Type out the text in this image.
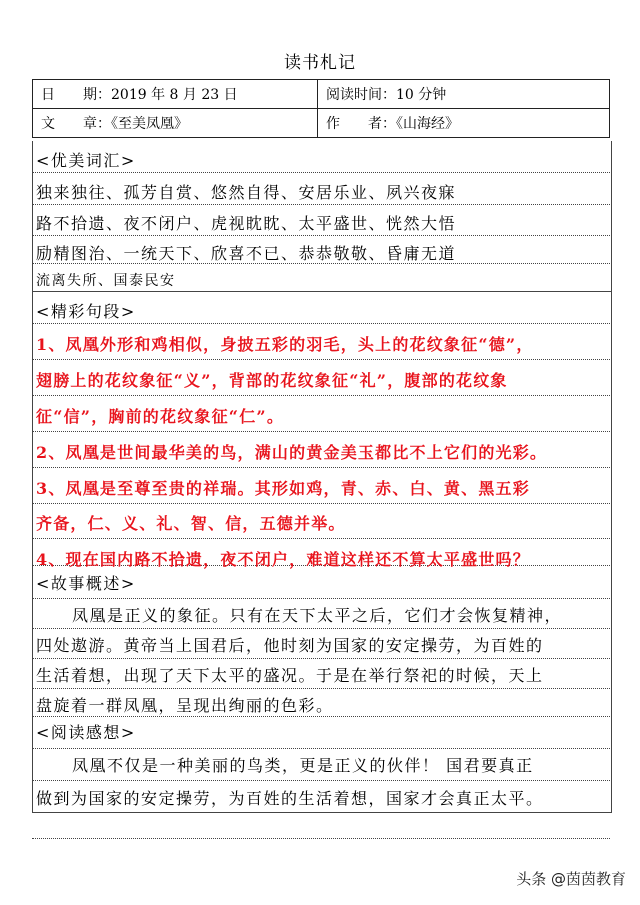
读书札记
日　　期：2019 年 8 月 23 日	阅读时间：10 分钟
文　　章：《至美凤凰》	作　　者：《山海经》
<优美词汇>
独来独往、孤芳自赏、悠然自得、安居乐业、夙兴夜寐
路不拾遗、夜不闭户、虎视眈眈、太平盛世、恍然大悟
励精图治、一统天下、欣喜不已、恭恭敬敬、昏庸无道
流离失所、国泰民安
<精彩句段>
1、凤凰外形和鸡相似，身披五彩的羽毛，头上的花纹象征“德”，
翅膀上的花纹象征“义”，背部的花纹象征“礼”，腹部的花纹象
征“信”，胸前的花纹象征“仁”。
2、凤凰是世间最华美的鸟，满山的黄金美玉都比不上它们的光彩。
3、凤凰是至尊至贵的祥瑞。其形如鸡，青、赤、白、黄、黑五彩
齐备，仁、义、礼、智、信，五德并举。
4、现在国内路不拾遗，夜不闭户，难道这样还不算太平盛世吗？
<故事概述>
凤凰是正义的象征。只有在天下太平之后，它们才会恢复精神，
四处遨游。黄帝当上国君后，他时刻为国家的安定操劳，为百姓的
生活着想，出现了天下太平的盛况。于是在举行祭祀的时候，天上
盘旋着一群凤凰，呈现出绚丽的色彩。
<阅读感想>
凤凰不仅是一种美丽的鸟类，更是正义的伙伴！ 国君要真正
做到为国家的安定操劳，为百姓的生活着想，国家才会真正太平。
头条 @茵茵教育
